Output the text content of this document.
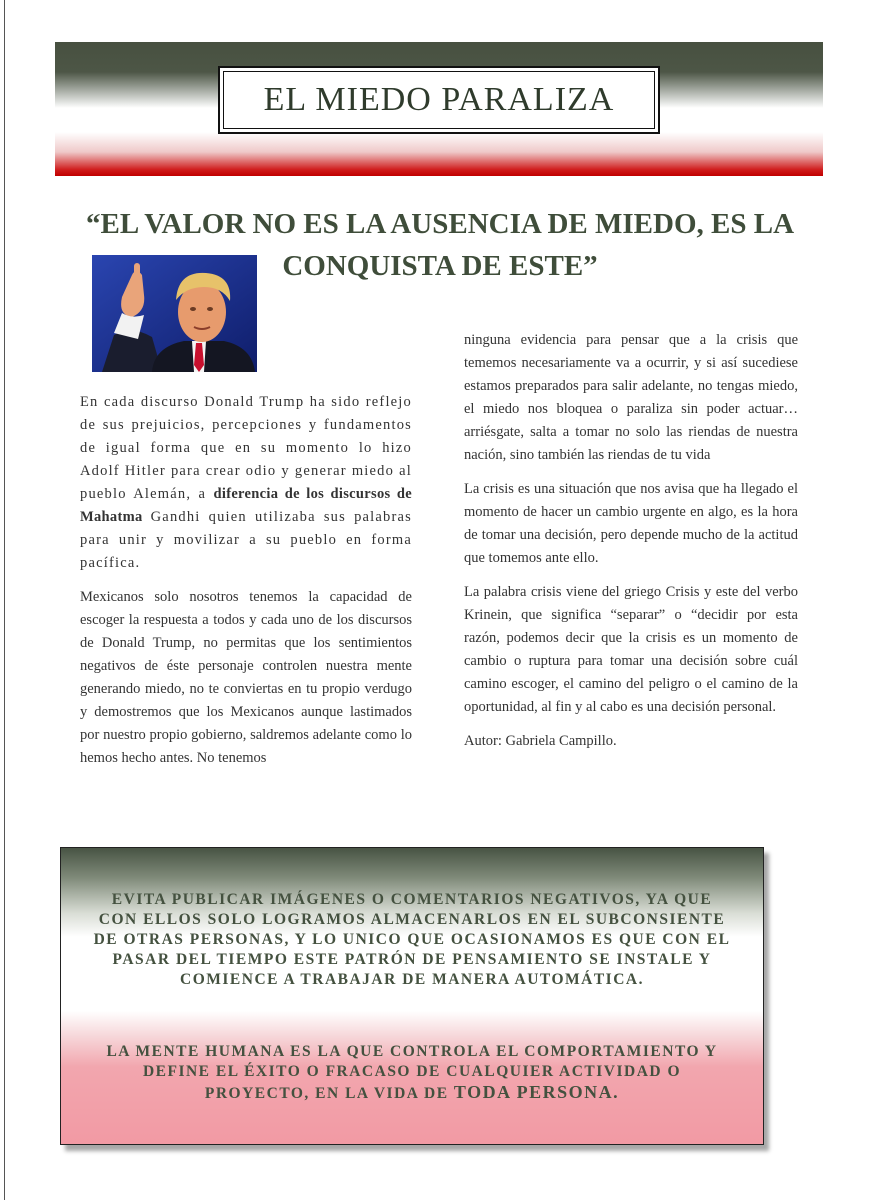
EL MIEDO PARALIZA
“EL VALOR NO ES LA AUSENCIA DE MIEDO, ES LA
CONQUISTA DE ESTE”

En cada discurso Donald Trump ha sido reflejo de sus prejuicios, percepciones y fundamentos de igual forma que en su momento lo hizo Adolf Hitler para crear odio y generar miedo al pueblo Alemán, a diferencia de los discursos de Mahatma Gandhi quien utilizaba sus palabras para unir y movilizar a su pueblo en forma pacífica.

Mexicanos solo nosotros tenemos la capacidad de escoger la respuesta a todos y cada uno de los discursos de Donald Trump, no permitas que los sentimientos negativos de éste personaje controlen nuestra mente generando miedo, no te conviertas en tu propio verdugo y demostremos que los Mexicanos aunque lastimados por nuestro propio gobierno, saldremos adelante como lo hemos hecho antes. No tenemos

ninguna evidencia para pensar que a la crisis que tememos necesariamente va a ocurrir, y si así sucediese estamos preparados para salir adelante, no tengas miedo, el miedo nos bloquea o paraliza sin poder actuar…arriésgate, salta a tomar no solo las riendas de nuestra nación, sino también las riendas de tu vida

La crisis es una situación que nos avisa que ha llegado el momento de hacer un cambio urgente en algo, es la hora de tomar una decisión, pero depende mucho de la actitud que tomemos ante ello.

La palabra crisis viene del griego Crisis y este del verbo Krinein, que significa “separar” o “decidir por esta razón, podemos decir que la crisis es un momento de cambio o ruptura para tomar una decisión sobre cuál camino escoger, el camino del peligro o el camino de la oportunidad, al fin y al cabo es una decisión personal.

Autor: Gabriela Campillo.

EVITA PUBLICAR IMÁGENES O COMENTARIOS NEGATIVOS, YA QUE CON ELLOS SOLO LOGRAMOS ALMACENARLOS EN EL SUBCONSIENTE DE OTRAS PERSONAS, Y LO UNICO QUE OCASIONAMOS ES QUE CON EL PASAR DEL TIEMPO ESTE PATRÓN DE PENSAMIENTO SE INSTALE Y COMIENCE A TRABAJAR DE MANERA AUTOMÁTICA.

LA MENTE HUMANA ES LA QUE CONTROLA EL COMPORTAMIENTO Y DEFINE EL ÉXITO O FRACASO DE CUALQUIER ACTIVIDAD O PROYECTO, EN LA VIDA DE TODA PERSONA.
